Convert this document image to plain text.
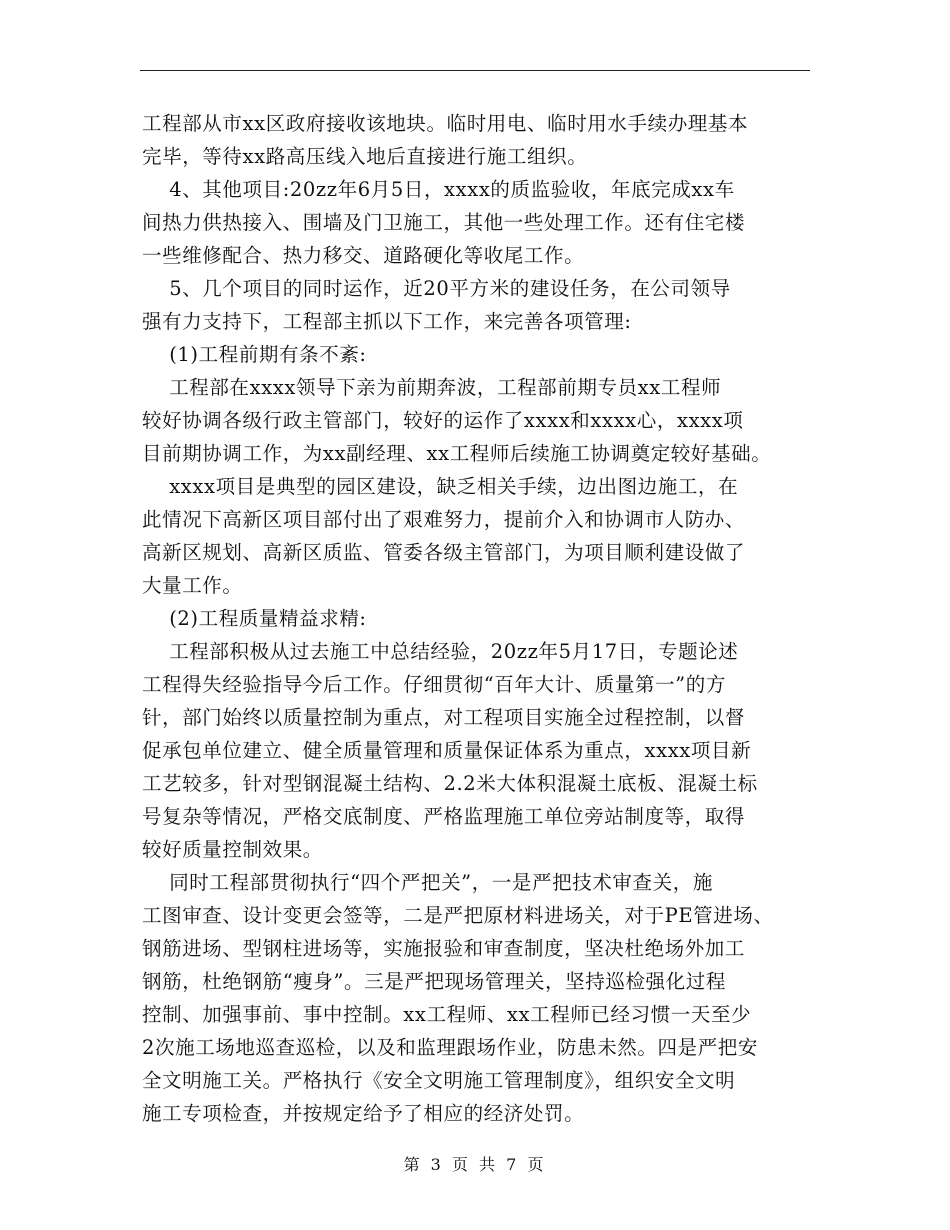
工程部从市xx区政府接收该地块。临时用电、临时用水手续办理基本
完毕，等待xx路高压线入地后直接进行施工组织。
4、其他项目:20zz年6月5日，xxxx的质监验收，年底完成xx车
间热力供热接入、围墙及门卫施工，其他一些处理工作。还有住宅楼
一些维修配合、热力移交、道路硬化等收尾工作。
5、几个项目的同时运作，近20平方米的建设任务，在公司领导
强有力支持下，工程部主抓以下工作，来完善各项管理:
(1)工程前期有条不紊:
工程部在xxxx领导下亲为前期奔波，工程部前期专员xx工程师
较好协调各级行政主管部门，较好的运作了xxxx和xxxx心，xxxx项
目前期协调工作，为xx副经理、xx工程师后续施工协调奠定较好基础。
xxxx项目是典型的园区建设，缺乏相关手续，边出图边施工，在
此情况下高新区项目部付出了艰难努力，提前介入和协调市人防办、
高新区规划、高新区质监、管委各级主管部门，为项目顺利建设做了
大量工作。
(2)工程质量精益求精:
工程部积极从过去施工中总结经验，20zz年5月17日，专题论述
工程得失经验指导今后工作。仔细贯彻“百年大计、质量第一”的方
针，部门始终以质量控制为重点，对工程项目实施全过程控制，以督
促承包单位建立、健全质量管理和质量保证体系为重点，xxxx项目新
工艺较多，针对型钢混凝土结构、2.2米大体积混凝土底板、混凝土标
号复杂等情况，严格交底制度、严格监理施工单位旁站制度等，取得
较好质量控制效果。
同时工程部贯彻执行“四个严把关”，一是严把技术审查关，施
工图审查、设计变更会签等，二是严把原材料进场关，对于PE管进场、
钢筋进场、型钢柱进场等，实施报验和审查制度，坚决杜绝场外加工
钢筋，杜绝钢筋“瘦身”。三是严把现场管理关，坚持巡检强化过程
控制、加强事前、事中控制。xx工程师、xx工程师已经习惯一天至少
2次施工场地巡查巡检，以及和监理跟场作业，防患未然。四是严把安
全文明施工关。严格执行《安全文明施工管理制度》，组织安全文明
施工专项检查，并按规定给予了相应的经济处罚。
第 3 页 共 7 页
